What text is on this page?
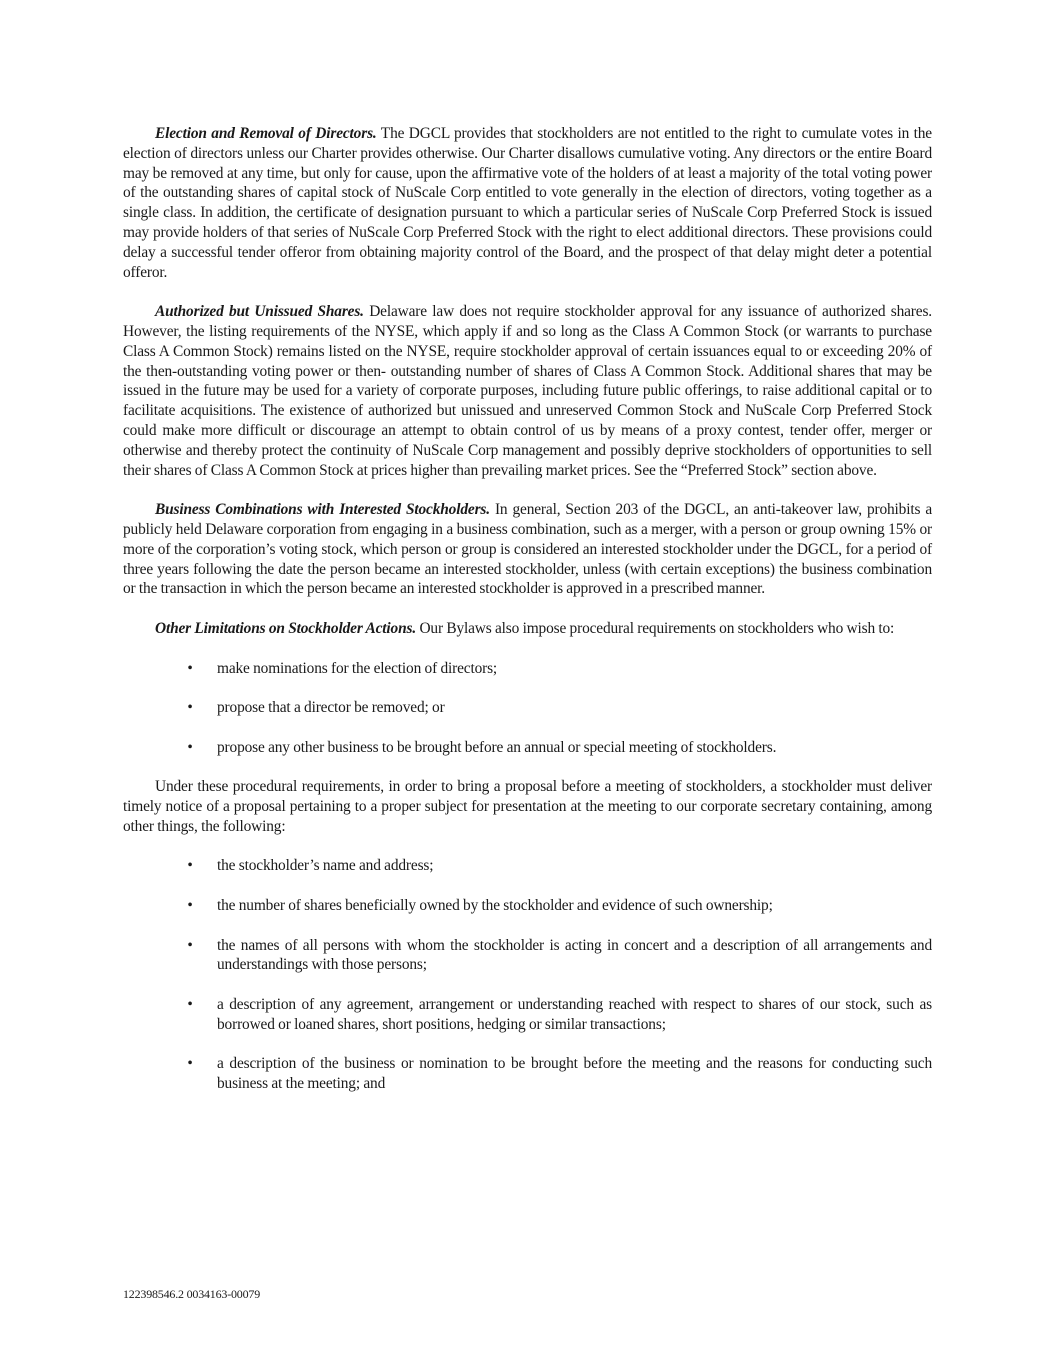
Election and Removal of Directors. The DGCL provides that stockholders are not entitled to the right to cumulate votes in the election of directors unless our Charter provides otherwise. Our Charter disallows cumulative voting. Any directors or the entire Board may be removed at any time, but only for cause, upon the affirmative vote of the holders of at least a majority of the total voting power of the outstanding shares of capital stock of NuScale Corp entitled to vote generally in the election of directors, voting together as a single class. In addition, the certificate of designation pursuant to which a particular series of NuScale Corp Preferred Stock is issued may provide holders of that series of NuScale Corp Preferred Stock with the right to elect additional directors. These provisions could delay a successful tender offeror from obtaining majority control of the Board, and the prospect of that delay might deter a potential offeror.

Authorized but Unissued Shares. Delaware law does not require stockholder approval for any issuance of authorized shares. However, the listing requirements of the NYSE, which apply if and so long as the Class A Common Stock (or warrants to purchase Class A Common Stock) remains listed on the NYSE, require stockholder approval of certain issuances equal to or exceeding 20% of the then-outstanding voting power or then- outstanding number of shares of Class A Common Stock. Additional shares that may be issued in the future may be used for a variety of corporate purposes, including future public offerings, to raise additional capital or to facilitate acquisitions. The existence of authorized but unissued and unreserved Common Stock and NuScale Corp Preferred Stock could make more difficult or discourage an attempt to obtain control of us by means of a proxy contest, tender offer, merger or otherwise and thereby protect the continuity of NuScale Corp management and possibly deprive stockholders of opportunities to sell their shares of Class A Common Stock at prices higher than prevailing market prices. See the “Preferred Stock” section above.

Business Combinations with Interested Stockholders. In general, Section 203 of the DGCL, an anti-takeover law, prohibits a publicly held Delaware corporation from engaging in a business combination, such as a merger, with a person or group owning 15% or more of the corporation’s voting stock, which person or group is considered an interested stockholder under the DGCL, for a period of three years following the date the person became an interested stockholder, unless (with certain exceptions) the business combination or the transaction in which the person became an interested stockholder is approved in a prescribed manner.

Other Limitations on Stockholder Actions. Our Bylaws also impose procedural requirements on stockholders who wish to:

• make nominations for the election of directors;
• propose that a director be removed; or
• propose any other business to be brought before an annual or special meeting of stockholders.

Under these procedural requirements, in order to bring a proposal before a meeting of stockholders, a stockholder must deliver timely notice of a proposal pertaining to a proper subject for presentation at the meeting to our corporate secretary containing, among other things, the following:

• the stockholder’s name and address;
• the number of shares beneficially owned by the stockholder and evidence of such ownership;
• the names of all persons with whom the stockholder is acting in concert and a description of all arrangements and understandings with those persons;
• a description of any agreement, arrangement or understanding reached with respect to shares of our stock, such as borrowed or loaned shares, short positions, hedging or similar transactions;
• a description of the business or nomination to be brought before the meeting and the reasons for conducting such business at the meeting; and
122398546.2 0034163-00079
